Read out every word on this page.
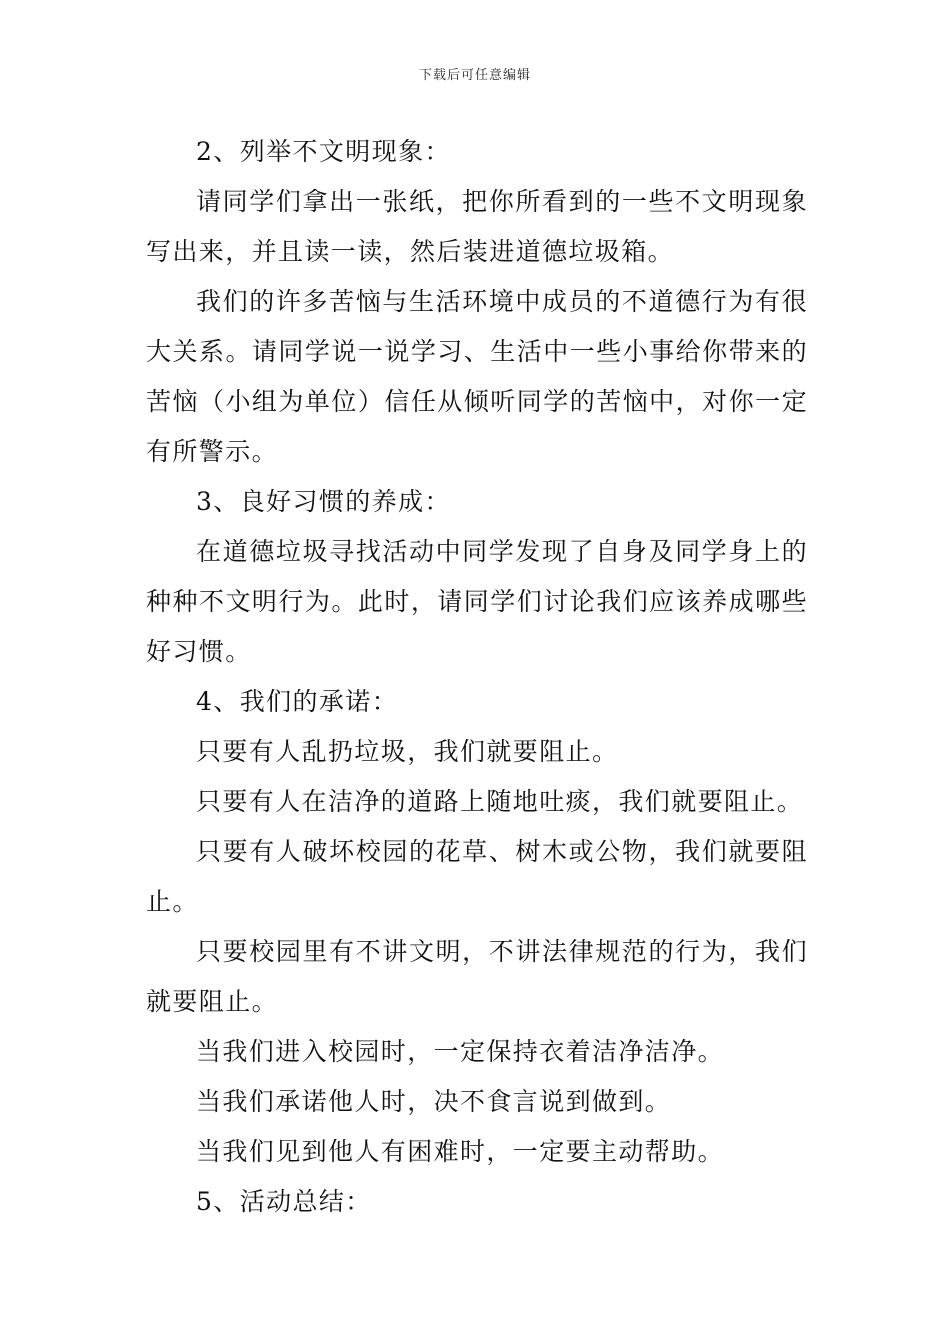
下载后可任意编辑

2、列举不文明现象：

请同学们拿出一张纸，把你所看到的一些不文明现象写出来，并且读一读，然后装进道德垃圾箱。

我们的许多苦恼与生活环境中成员的不道德行为有很大关系。请同学说一说学习、生活中一些小事给你带来的苦恼（小组为单位）信任从倾听同学的苦恼中，对你一定有所警示。

3、良好习惯的养成：

在道德垃圾寻找活动中同学发现了自身及同学身上的种种不文明行为。此时，请同学们讨论我们应该养成哪些好习惯。

4、我们的承诺：

只要有人乱扔垃圾，我们就要阻止。

只要有人在洁净的道路上随地吐痰，我们就要阻止。

只要有人破坏校园的花草、树木或公物，我们就要阻止。

只要校园里有不讲文明，不讲法律规范的行为，我们就要阻止。

当我们进入校园时，一定保持衣着洁净洁净。

当我们承诺他人时，决不食言说到做到。

当我们见到他人有困难时，一定要主动帮助。

5、活动总结：
